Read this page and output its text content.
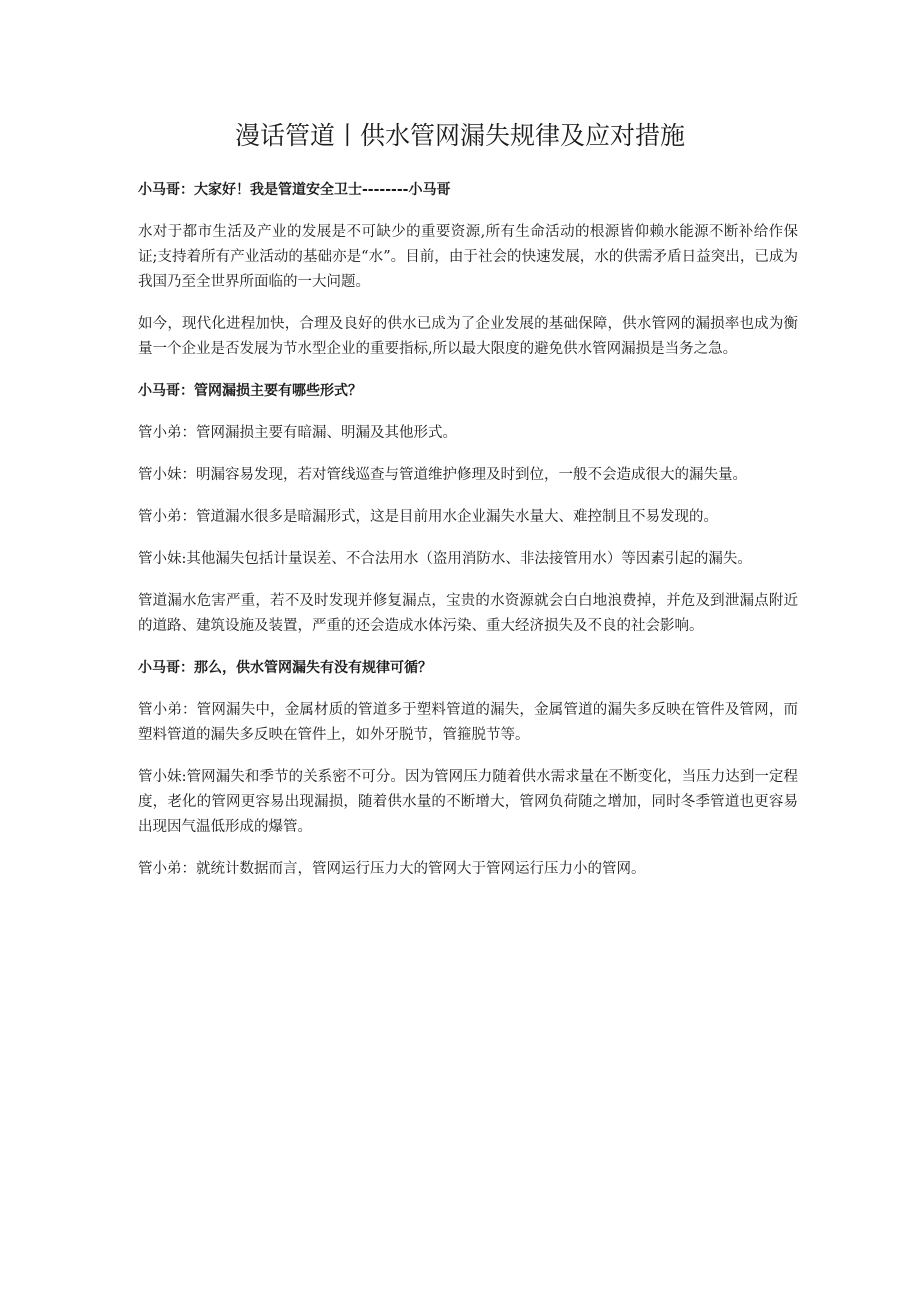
漫话管道丨供水管网漏失规律及应对措施

小马哥：大家好！我是管道安全卫士--------小马哥

水对于都市生活及产业的发展是不可缺少的重要资源,所有生命活动的根源皆仰赖水能源不断补给作保证;支持着所有产业活动的基础亦是“水”。目前，由于社会的快速发展，水的供需矛盾日益突出，已成为我国乃至全世界所面临的一大问题。

如今，现代化进程加快，合理及良好的供水已成为了企业发展的基础保障，供水管网的漏损率也成为衡量一个企业是否发展为节水型企业的重要指标,所以最大限度的避免供水管网漏损是当务之急。

小马哥：管网漏损主要有哪些形式？

管小弟：管网漏损主要有暗漏、明漏及其他形式。

管小妹：明漏容易发现，若对管线巡查与管道维护修理及时到位，一般不会造成很大的漏失量。

管小弟：管道漏水很多是暗漏形式，这是目前用水企业漏失水量大、难控制且不易发现的。

管小妹:其他漏失包括计量误差、不合法用水（盗用消防水、非法接管用水）等因素引起的漏失。

管道漏水危害严重，若不及时发现并修复漏点，宝贵的水资源就会白白地浪费掉，并危及到泄漏点附近的道路、建筑设施及装置，严重的还会造成水体污染、重大经济损失及不良的社会影响。

小马哥：那么，供水管网漏失有没有规律可循？

管小弟：管网漏失中，金属材质的管道多于塑料管道的漏失，金属管道的漏失多反映在管件及管网，而塑料管道的漏失多反映在管件上，如外牙脱节，管箍脱节等。

管小妹:管网漏失和季节的关系密不可分。因为管网压力随着供水需求量在不断变化，当压力达到一定程度，老化的管网更容易出现漏损，随着供水量的不断增大，管网负荷随之增加，同时冬季管道也更容易出现因气温低形成的爆管。

管小弟：就统计数据而言，管网运行压力大的管网大于管网运行压力小的管网。
